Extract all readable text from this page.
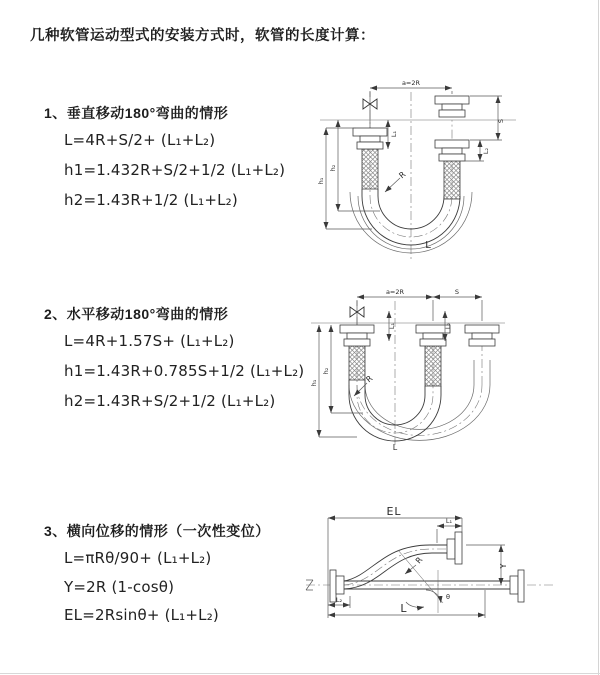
几种软管运动型式的安装方式时，软管的长度计算：
1、垂直移动180°弯曲的情形
L=4R+S/2+ (L₁+L₂)
h1=1.432R+S/2+1/2 (L₁+L₂)
h2=1.43R+1/2 (L₁+L₂)
2、水平移动180°弯曲的情形
L=4R+1.57S+ (L₁+L₂)
h1=1.43R+0.785S+1/2 (L₁+L₂)
h2=1.43R+S/2+1/2 (L₁+L₂)
3、横向位移的情形（一次性变位）
L=πRθ/90+ (L₁+L₂)
Y=2R (1-cosθ)
EL=2Rsinθ+ (L₁+L₂)
a=2R
S
L₁
L₂
h₂
h₁
R
L
a=2R	S
L₁	L₂
h₂
h₁	R
L
θ
EL
L₁
Y
R
L
L₂
